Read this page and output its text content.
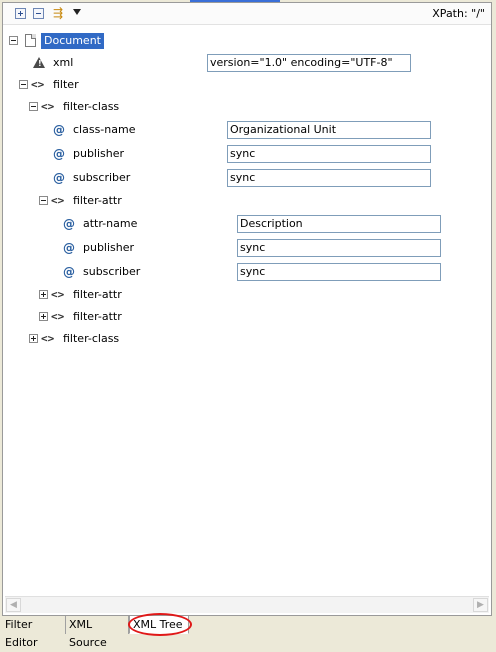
⇶	XPath: "/"
Document
! xml	version="1.0" encoding="UTF-8"
<> filter
<> filter-class
@ class-name	Organizational Unit
@ publisher	sync
@ subscriber	sync
<> filter-attr
@ attr-name	Description
@ publisher	sync
@ subscriber	sync
<> filter-attr
<> filter-attr
<> filter-class
◀	▶
Filter Editor
XML Source
XML Tree
